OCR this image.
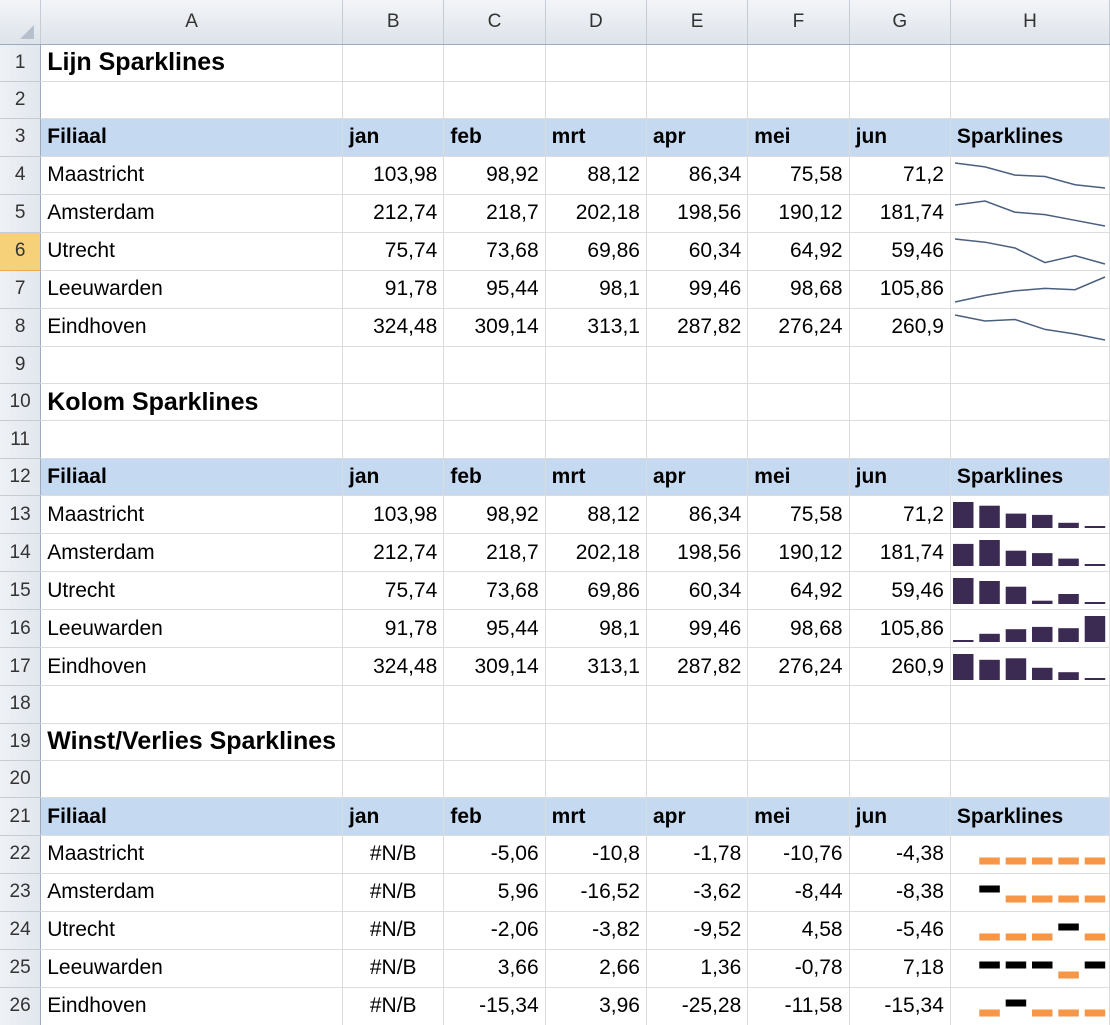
	A	B	C	D	E	F	G	H
1	Lijn Sparklines							
2								
3	Filiaal	jan	feb	mrt	apr	mei	jun	Sparklines
4	Maastricht	103,98	98,92	88,12	86,34	75,58	71,2	

5	Amsterdam	212,74	218,7	202,18	198,56	190,12	181,74	

6	Utrecht	75,74	73,68	69,86	60,34	64,92	59,46	

7	Leeuwarden	91,78	95,44	98,1	99,46	98,68	105,86	

8	Eindhoven	324,48	309,14	313,1	287,82	276,24	260,9	

9								
10	Kolom Sparklines							
11								
12	Filiaal	jan	feb	mrt	apr	mei	jun	Sparklines
13	Maastricht	103,98	98,92	88,12	86,34	75,58	71,2	

14	Amsterdam	212,74	218,7	202,18	198,56	190,12	181,74	

15	Utrecht	75,74	73,68	69,86	60,34	64,92	59,46	

16	Leeuwarden	91,78	95,44	98,1	99,46	98,68	105,86	

17	Eindhoven	324,48	309,14	313,1	287,82	276,24	260,9	

18								
19	Winst/Verlies Sparklines							
20								
21	Filiaal	jan	feb	mrt	apr	mei	jun	Sparklines
22	Maastricht	#N/B	-5,06	-10,8	-1,78	-10,76	-4,38	

23	Amsterdam	#N/B	5,96	-16,52	-3,62	-8,44	-8,38	

24	Utrecht	#N/B	-2,06	-3,82	-9,52	4,58	-5,46	

25	Leeuwarden	#N/B	3,66	2,66	1,36	-0,78	7,18	

26	Eindhoven	#N/B	-15,34	3,96	-25,28	-11,58	-15,34	
